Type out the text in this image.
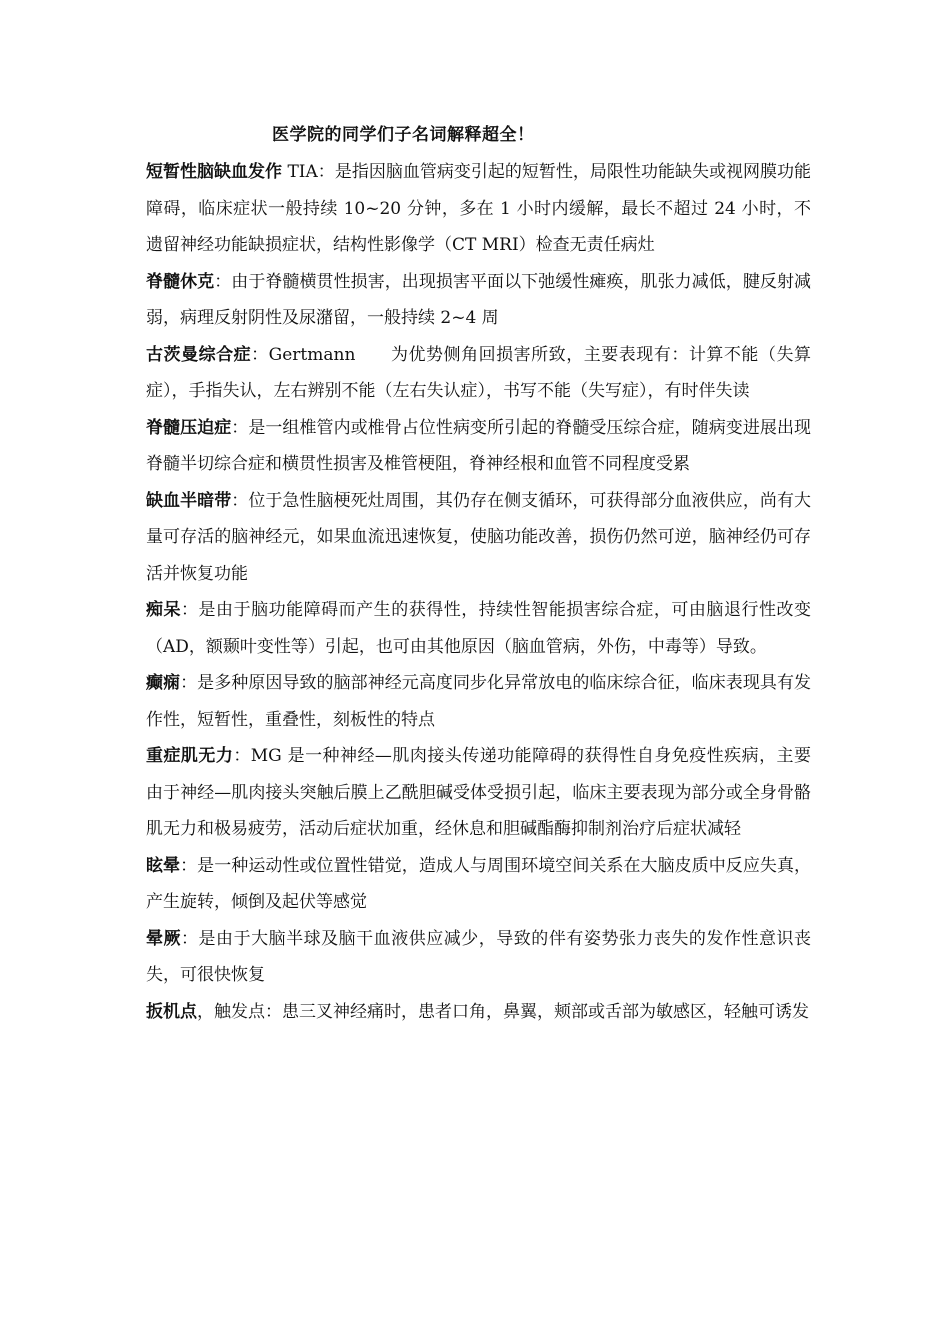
医学院的同学们子名词解释超全！

短暂性脑缺血发作 TIA：是指因脑血管病变引起的短暂性，局限性功能缺失或视网膜功能障碍，临床症状一般持续 10~20 分钟，多在 1 小时内缓解，最长不超过 24 小时，不遗留神经功能缺损症状，结构性影像学（CT MRI）检查无责任病灶

脊髓休克：由于脊髓横贯性损害，出现损害平面以下弛缓性瘫痪，肌张力减低，腱反射减弱，病理反射阴性及尿潴留，一般持续 2~4 周

古茨曼综合症：Gertmann　　为优势侧角回损害所致，主要表现有：计算不能（失算症），手指失认，左右辨别不能（左右失认症），书写不能（失写症），有时伴失读

脊髓压迫症：是一组椎管内或椎骨占位性病变所引起的脊髓受压综合症，随病变进展出现脊髓半切综合症和横贯性损害及椎管梗阻，脊神经根和血管不同程度受累

缺血半暗带：位于急性脑梗死灶周围，其仍存在侧支循环，可获得部分血液供应，尚有大量可存活的脑神经元，如果血流迅速恢复，使脑功能改善，损伤仍然可逆，脑神经仍可存活并恢复功能

痴呆：是由于脑功能障碍而产生的获得性，持续性智能损害综合症，可由脑退行性改变（AD，额颞叶变性等）引起，也可由其他原因（脑血管病，外伤，中毒等）导致。

癫痫：是多种原因导致的脑部神经元高度同步化异常放电的临床综合征，临床表现具有发作性，短暂性，重叠性，刻板性的特点

重症肌无力：MG 是一种神经—肌肉接头传递功能障碍的获得性自身免疫性疾病，主要由于神经—肌肉接头突触后膜上乙酰胆碱受体受损引起，临床主要表现为部分或全身骨骼肌无力和极易疲劳，活动后症状加重，经休息和胆碱酯酶抑制剂治疗后症状减轻

眩晕：是一种运动性或位置性错觉，造成人与周围环境空间关系在大脑皮质中反应失真，产生旋转，倾倒及起伏等感觉

晕厥：是由于大脑半球及脑干血液供应减少，导致的伴有姿势张力丧失的发作性意识丧失，可很快恢复

扳机点，触发点：患三叉神经痛时，患者口角，鼻翼，颊部或舌部为敏感区，轻触可诱发
